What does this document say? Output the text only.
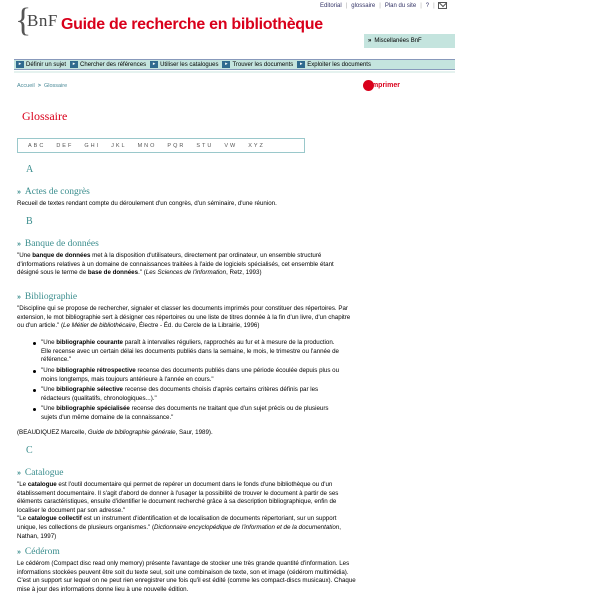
{
BnF Guide de recherche en bibliothèque
Editorial | glossaire | Plan du site | ? |
» Miscellanées BnF
▸ Définir un sujet	▸ Chercher des références	▸ Utiliser les catalogues	▸ Trouver les documents	▸ Exploiter les documents
Accueil > Glossaire	Imprimer
Glossaire
ABC DEF GHI JKL MNO PQR STU VW XYZ
A
» Actes de congrès
Recueil de textes rendant compte du déroulement d'un congrès, d'un séminaire, d'une réunion.
B
» Banque de données
"Une banque de données met à la disposition d'utilisateurs, directement par ordinateur, un ensemble structuré d'informations relatives à un domaine de connaissances traitées à l'aide de logiciels spécialisés, cet ensemble étant désigné sous le terme de base de données." (Les Sciences de l'information, Retz, 1993)
» Bibliographie
"Discipline qui se propose de rechercher, signaler et classer les documents imprimés pour constituer des répertoires. Par extension, le mot bibliographie sert à désigner ces répertoires ou une liste de titres donnée à la fin d'un livre, d'un chapitre ou d'un article." (Le Métier de bibliothécaire, Électre - Éd. du Cercle de la Librairie, 1996)
"Une bibliographie courante paraît à intervalles réguliers, rapprochés au fur et à mesure de la production. Elle recense avec un certain délai les documents publiés dans la semaine, le mois, le trimestre ou l'année de référence."
"Une bibliographie rétrospective recense des documents publiés dans une période écoulée depuis plus ou moins longtemps, mais toujours antérieure à l'année en cours."
"Une bibliographie sélective recense des documents choisis d'après certains critères définis par les rédacteurs (qualitatifs, chronologiques...)."
"Une bibliographie spécialisée recense des documents ne traitant que d'un sujet précis ou de plusieurs sujets d'un même domaine de la connaissance."
(BEAUDIQUEZ Marcelle, Guide de bibliographie générale, Saur, 1989).
C
» Catalogue
"Le catalogue est l'outil documentaire qui permet de repérer un document dans le fonds d'une bibliothèque ou d'un établissement documentaire. Il s'agit d'abord de donner à l'usager la possibilité de trouver le document à partir de ses éléments caractéristiques, ensuite d'identifier le document recherché grâce à sa description bibliographique, enfin de localiser le document par son adresse."
"Le catalogue collectif est un instrument d'identification et de localisation de documents répertoriant, sur un support unique, les collections de plusieurs organismes." (Dictionnaire encyclopédique de l'information et de la documentation, Nathan, 1997)
» Cédérom
Le cédérom (Compact disc read only memory) présente l'avantage de stocker une très grande quantité d'information. Les informations stockées peuvent être soit du texte seul, soit une combinaison de texte, son et image (cédérom multimédia). C'est un support sur lequel on ne peut rien enregistrer une fois qu'il est édité (comme les compact-discs musicaux). Chaque mise à jour des informations donne lieu à une nouvelle édition.
